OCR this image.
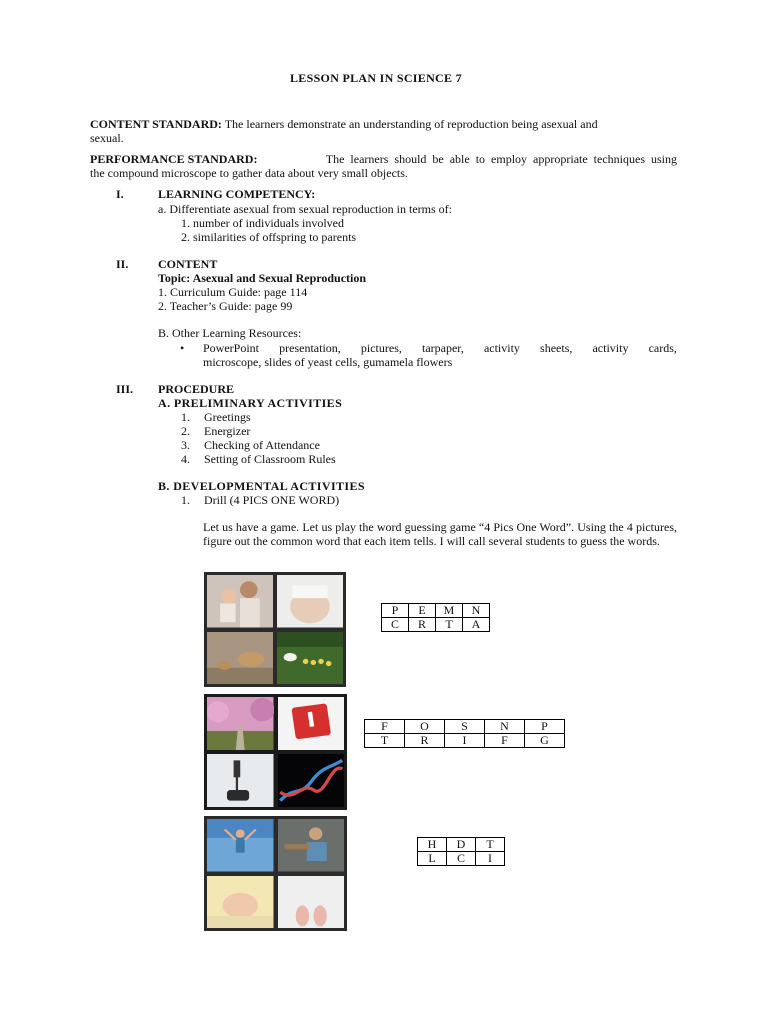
LESSON PLAN IN SCIENCE 7
CONTENT STANDARD: The learners demonstrate an understanding of reproduction being asexual and
sexual.
PERFORMANCE STANDARD:	The learners should be able to employ appropriate techniques using
the compound microscope to gather data about very small objects.
I.	LEARNING COMPETENCY:
a. Differentiate asexual from sexual reproduction in terms of:
1. number of individuals involved
2. similarities of offspring to parents
II. CONTENT
Topic: Asexual and Sexual Reproduction
1. Curriculum Guide: page 114
2. Teacher’s Guide: page 99
B. Other Learning Resources:
• PowerPoint presentation, pictures, tarpaper, activity sheets, activity cards,
microscope, slides of yeast cells, gumamela flowers
III. PROCEDURE
A. PRELIMINARY ACTIVITIES
1. Greetings
2. Energizer
3. Checking of Attendance
4. Setting of Classroom Rules
B. DEVELOPMENTAL ACTIVITIES
1. Drill (4 PICS ONE WORD)
Let us have a game. Let us play the word guessing game “4 Pics One Word”. Using the 4 pictures, figure out the common word that each item tells. I will call several students to guess the words.
P	E	M	N
C	R	T	A
F	O	S	N	P
T	R	I	F	G
H	D	T
L	C	I
